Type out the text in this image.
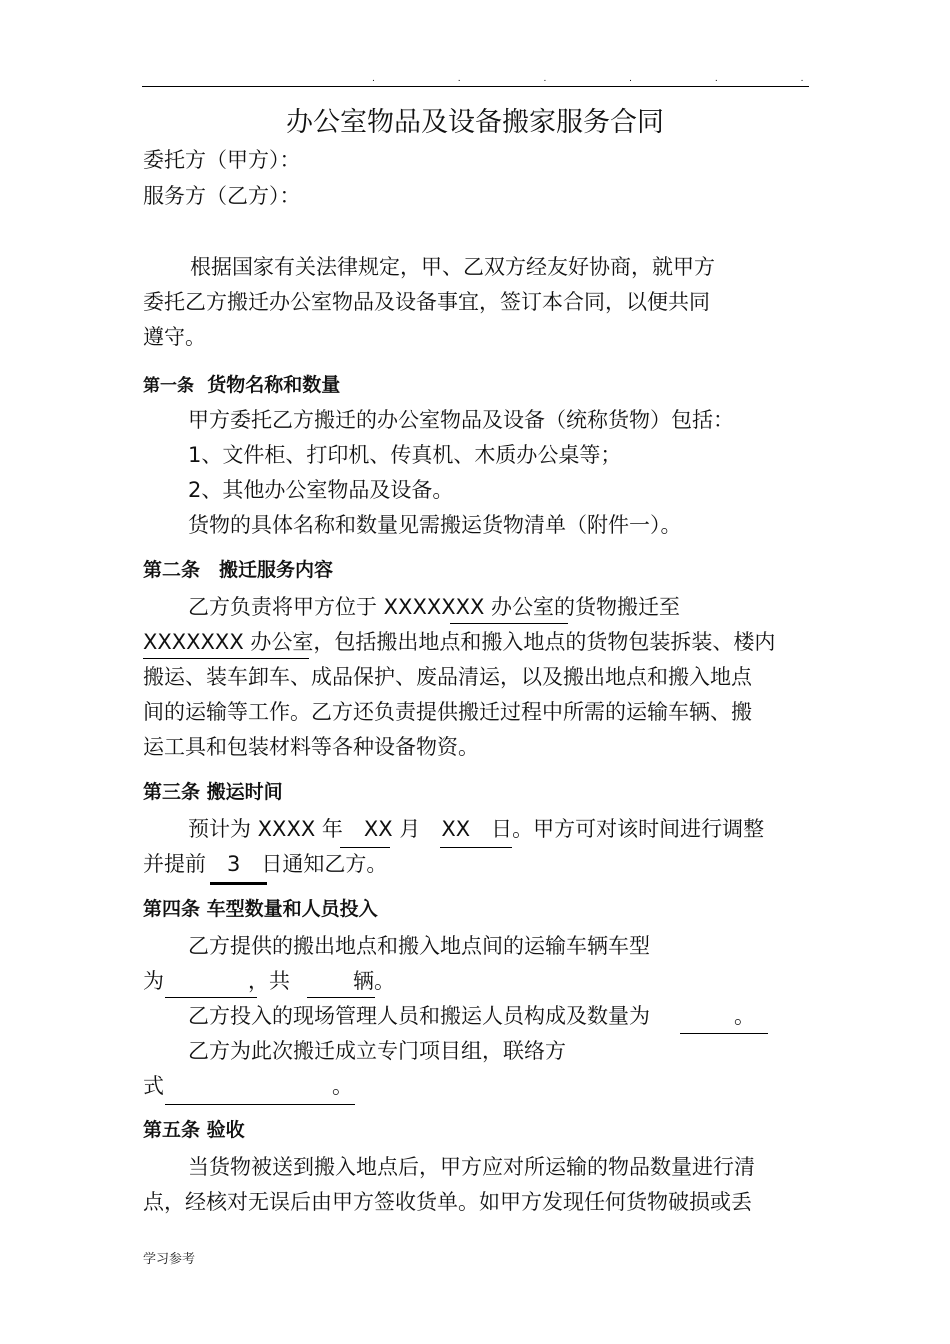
. . . . . .
办公室物品及设备搬家服务合同
委托方（甲方）：
服务方（乙方）：
根据国家有关法律规定，甲、乙双方经友好协商，就甲方
委托乙方搬迁办公室物品及设备事宜，签订本合同，以便共同
遵守。
第一条 货物名称和数量
甲方委托乙方搬迁的办公室物品及设备（统称货物）包括：
1、文件柜、打印机、传真机、木质办公桌等；
2、其他办公室物品及设备。
货物的具体名称和数量见需搬运货物清单（附件一）。
第二条　搬迁服务内容
乙方负责将甲方位于 XXXXXXX 办公室的货物搬迁至
XXXXXXX 办公室，包括搬出地点和搬入地点的货物包装拆装、楼内
搬运、装车卸车、成品保护、废品清运，以及搬出地点和搬入地点
间的运输等工作。乙方还负责提供搬迁过程中所需的运输车辆、搬
运工具和包装材料等各种设备物资。
第三条 搬运时间
预计为 XXXX 年　XX 月　XX　日。甲方可对该时间进行调整
并提前　3　日通知乙方。
第四条 车型数量和人员投入
乙方提供的搬出地点和搬入地点间的运输车辆车型
为　　　　，共　　　辆。
乙方投入的现场管理人员和搬运人员构成及数量为　　　　。
乙方为此次搬迁成立专门项目组，联络方
式　　　　　　　　。
第五条 验收
当货物被送到搬入地点后，甲方应对所运输的物品数量进行清
点，经核对无误后由甲方签收货单。如甲方发现任何货物破损或丢
学习参考
